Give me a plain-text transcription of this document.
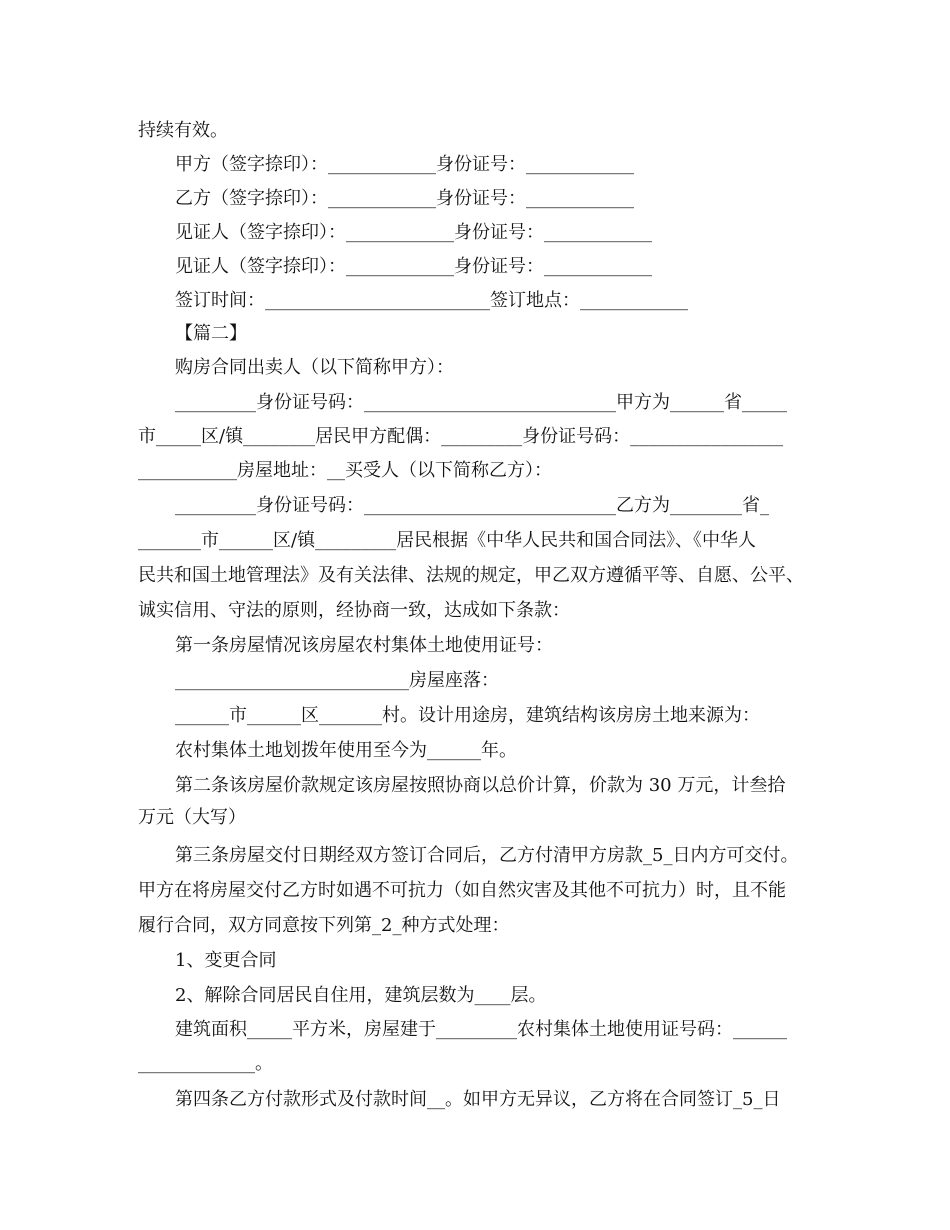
持续有效。
甲方（签字捺印）：____________身份证号：____________
乙方（签字捺印）：____________身份证号：____________
见证人（签字捺印）：____________身份证号：____________
见证人（签字捺印）：____________身份证号：____________
签订时间：_________________________签订地点：____________
【篇二】
购房合同出卖人（以下简称甲方）：
_________身份证号码：____________________________甲方为______省_____
市_____区/镇________居民甲方配偶：_________身份证号码：_________________
___________房屋地址：__买受人（以下简称乙方）：
_________身份证号码：____________________________乙方为________省_
_______市______区/镇_________居民根据《中华人民共和国合同法》、《中华人
民共和国土地管理法》及有关法律、法规的规定，甲乙双方遵循平等、自愿、公平、
诚实信用、守法的原则，经协商一致，达成如下条款：
第一条房屋情况该房屋农村集体土地使用证号：
__________________________房屋座落：
______市______区_______村。设计用途房，建筑结构该房房土地来源为：
农村集体土地划拨年使用至今为______年。
第二条该房屋价款规定该房屋按照协商以总价计算，价款为 30 万元，计叁拾
万元（大写）
第三条房屋交付日期经双方签订合同后，乙方付清甲方房款_5_日内方可交付。
甲方在将房屋交付乙方时如遇不可抗力（如自然灾害及其他不可抗力）时，且不能
履行合同，双方同意按下列第_2_种方式处理：
1、变更合同
2、解除合同居民自住用，建筑层数为____层。
建筑面积_____平方米，房屋建于_________农村集体土地使用证号码：______
_____________。
第四条乙方付款形式及付款时间__。如甲方无异议，乙方将在合同签订_5_日
